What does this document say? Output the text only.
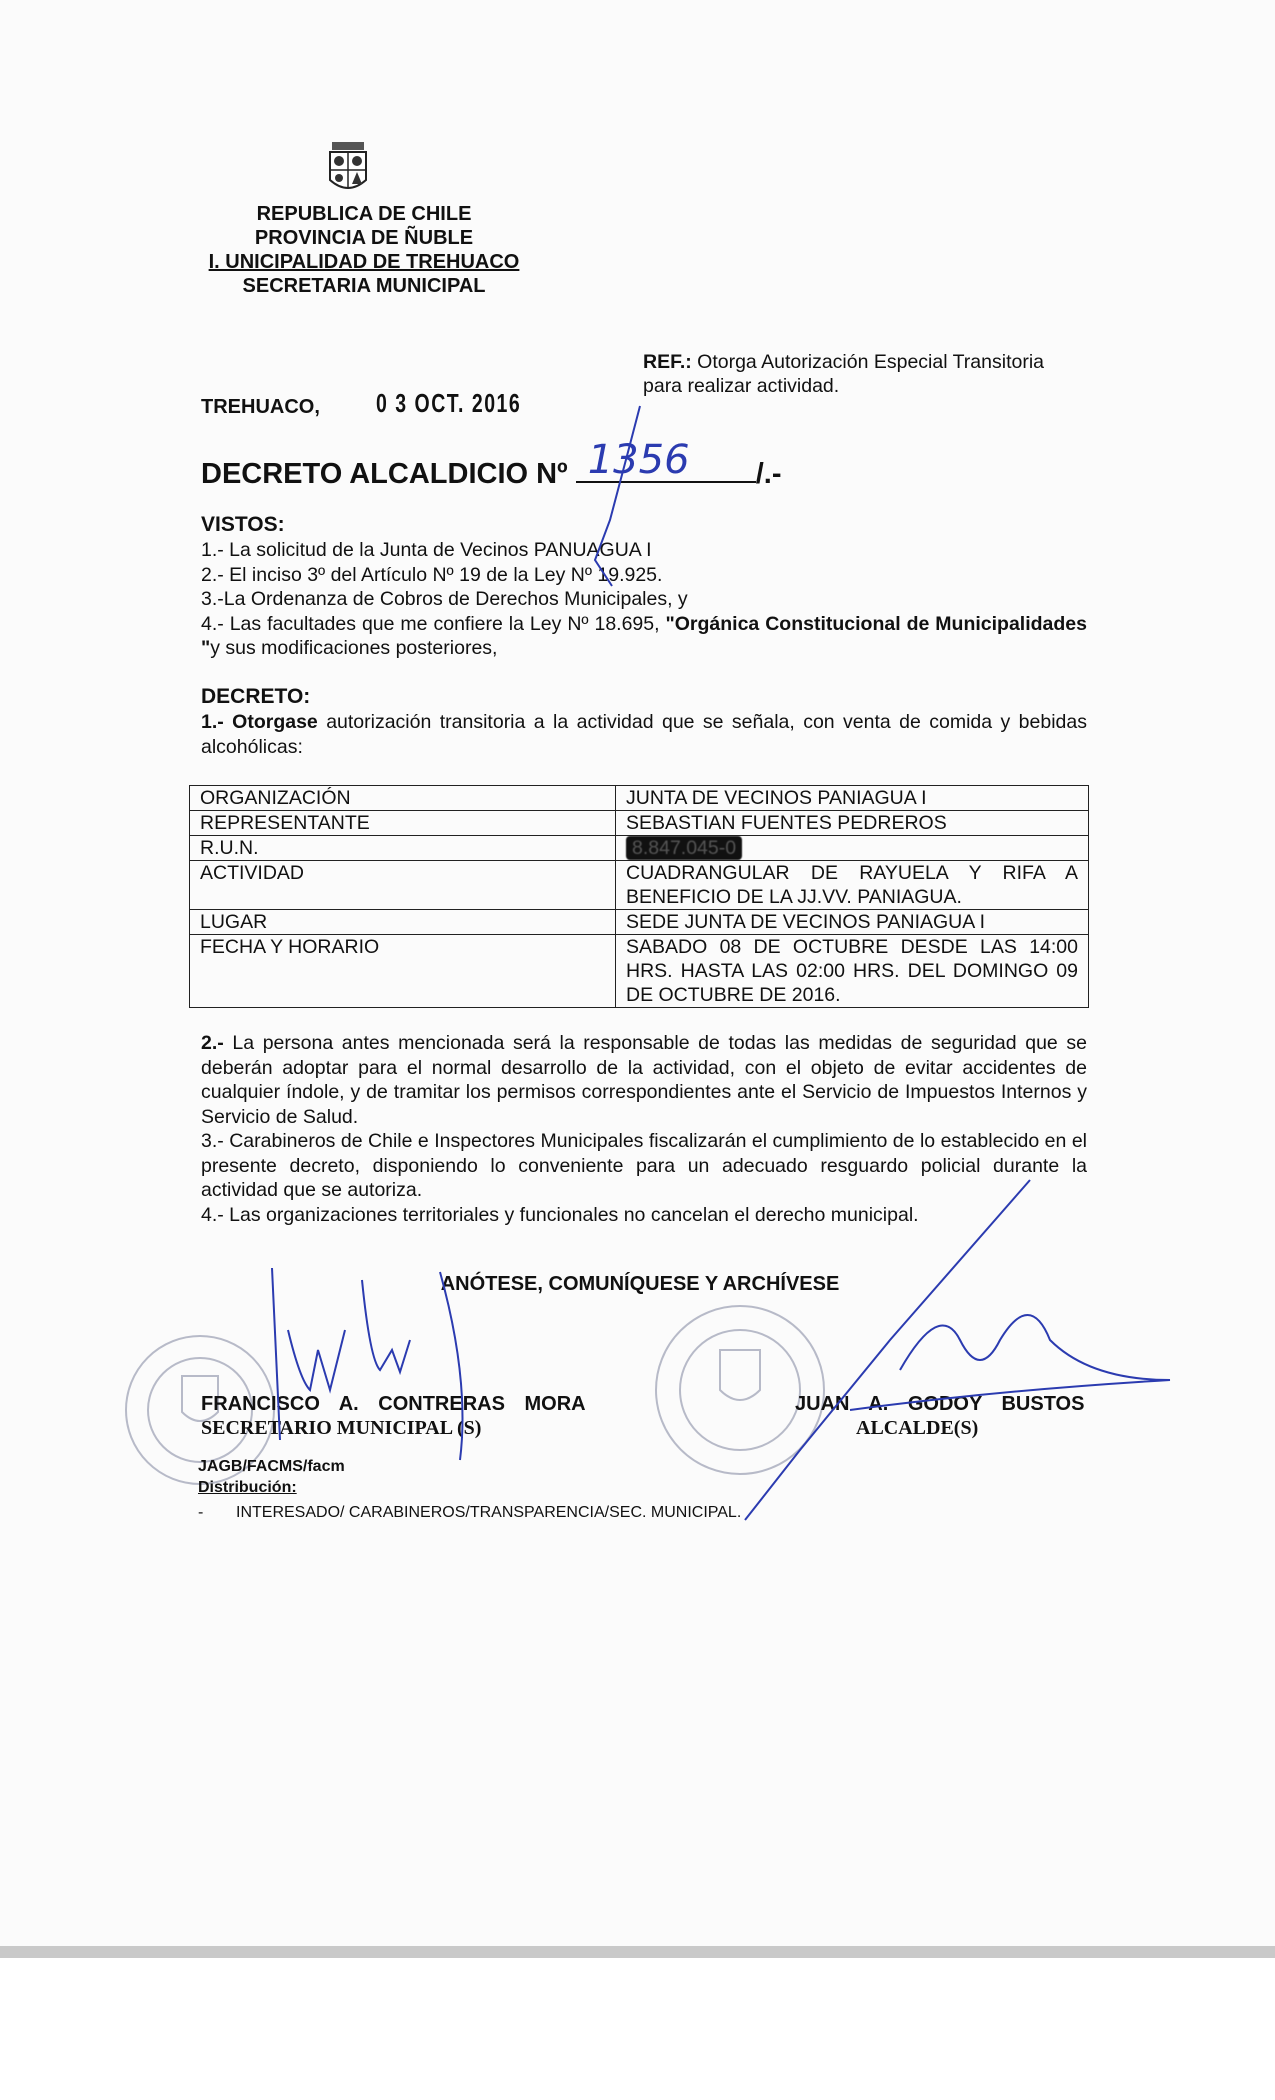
REPUBLICA DE CHILE
PROVINCIA DE ÑUBLE
I. UNICIPALIDAD DE TREHUACO
SECRETARIA MUNICIPAL
REF.: Otorga Autorización Especial Transitoria
para realizar actividad.
TREHUACO, 0 3 OCT. 2016
DECRETO ALCALDICIO Nº 1356 /.-
VISTOS:
1.- La solicitud de la Junta de Vecinos PANUAGUA I
2.- El inciso 3º del Artículo Nº 19 de la Ley Nº 19.925.
3.-La Ordenanza de Cobros de Derechos Municipales, y
4.- Las facultades que me confiere la Ley Nº 18.695, "Orgánica Constitucional de Municipalidades "y sus modificaciones posteriores,
DECRETO:
1.- Otorgase autorización transitoria a la actividad que se señala, con venta de comida y bebidas alcohólicas:
ORGANIZACIÓN	JUNTA DE VECINOS PANIAGUA I
REPRESENTANTE	SEBASTIAN FUENTES PEDREROS
R.U.N.	8.847.045-0
ACTIVIDAD	CUADRANGULAR DE RAYUELA Y RIFA A BENEFICIO DE LA JJ.VV. PANIAGUA.
LUGAR	SEDE JUNTA DE VECINOS PANIAGUA I
FECHA Y HORARIO	SABADO 08 DE OCTUBRE DESDE LAS 14:00 HRS. HASTA LAS 02:00 HRS. DEL DOMINGO 09 DE OCTUBRE DE 2016.
2.- La persona antes mencionada será la responsable de todas las medidas de seguridad que se deberán adoptar para el normal desarrollo de la actividad, con el objeto de evitar accidentes de cualquier índole, y de tramitar los permisos correspondientes ante el Servicio de Impuestos Internos y Servicio de Salud.
3.- Carabineros de Chile e Inspectores Municipales fiscalizarán el cumplimiento de lo establecido en el presente decreto, disponiendo lo conveniente para un adecuado resguardo policial durante la actividad que se autoriza.
4.- Las organizaciones territoriales y funcionales no cancelan el derecho municipal.
ANÓTESE, COMUNÍQUESE Y ARCHÍVESE
FRANCISCO A. CONTRERAS MORA
SECRETARIO MUNICIPAL (S)
JUAN A. GODOY BUSTOS
ALCALDE(S)
JAGB/FACMS/facm
Distribución:
- INTERESADO/ CARABINEROS/TRANSPARENCIA/SEC. MUNICIPAL.
